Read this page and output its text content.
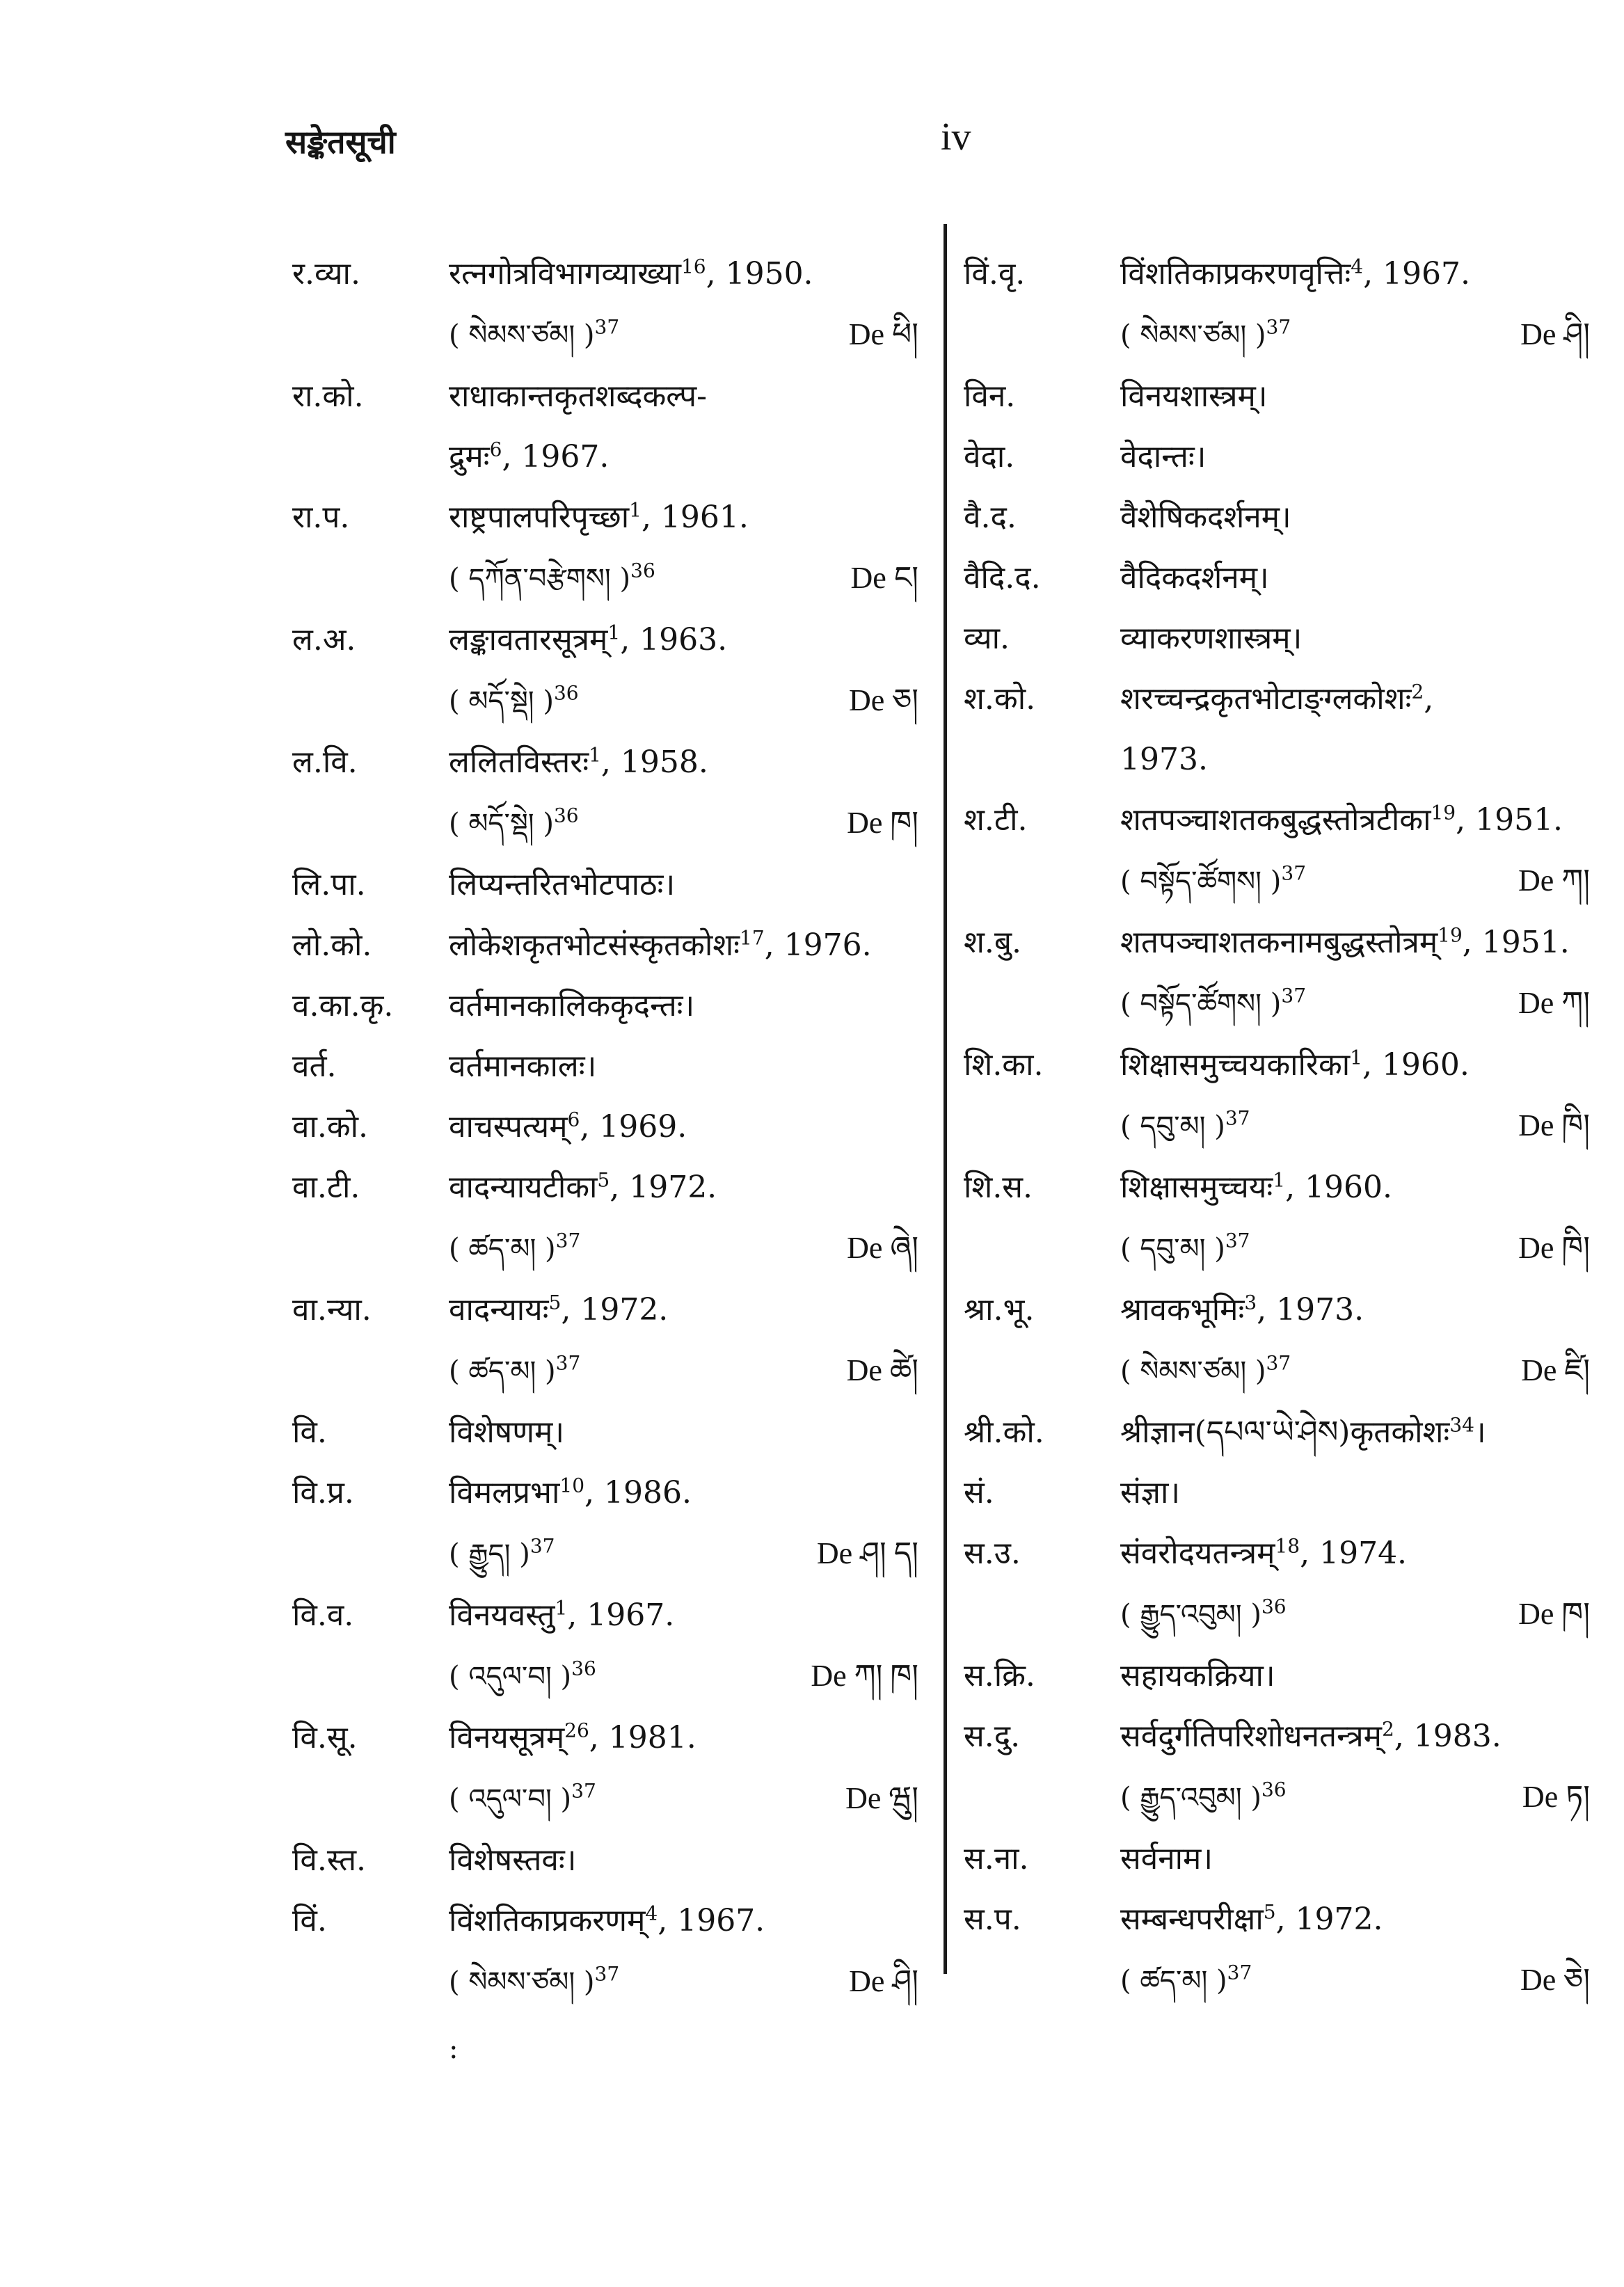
सङ्केतसूची	iv
र.व्या.	रत्नगोत्रविभागव्याख्या$^{16}$, 1950.
( སེམས་ཙམ། )$^{37}$	De ཕི།
रा.को.	राधाकान्तकृतशब्दकल्प-
द्रुमः$^6$, 1967.
रा.प.	राष्ट्रपालपरिपृच्छा$^1$, 1961.
( དཀོན་བརྩེགས། )$^{36}$	De ང།
ल.अ.	लङ्कावतारसूत्रम्$^1$, 1963.
( མདོ་སྡེ། )$^{36}$	De ཅ།
ल.वि.	ललितविस्तरः$^1$, 1958.
( མདོ་སྡེ། )$^{36}$	De ཁ།
लि.पा.	लिप्यन्तरितभोटपाठः।
लो.को.	लोकेशकृतभोटसंस्कृतकोशः$^{17}$, 1976.
व.का.कृ.	वर्तमानकालिककृदन्तः।
वर्त.	वर्तमानकालः।
वा.को.	वाचस्पत्यम्$^6$, 1969.
वा.टी.	वादन्यायटीका$^5$, 1972.
( ཚད་མ། )$^{37}$	De ཞེ།
वा.न्या.	वादन्यायः$^5$, 1972.
( ཚད་མ། )$^{37}$	De ཚེ།
वि.	विशेषणम्।
वि.प्र.	विमलप्रभा$^{10}$, 1986.
( རྒྱུད། )$^{37}$	De ཤ། ད།
वि.व.	विनयवस्तु$^1$, 1967.
( འདུལ་བ། )$^{36}$	De ཀ། ཁ།
वि.सू.	विनयसूत्रम्$^{26}$, 1981.
( འདུལ་བ། )$^{37}$	De ཝུ།
वि.स्त.	विशेषस्तवः।
विं.	विंशतिकाप्रकरणम्$^4$, 1967.
( སེམས་ཙམ། )$^{37}$	De ཤི།
विं.वृ.	विंशतिकाप्रकरणवृत्तिः$^4$, 1967.
( སེམས་ཙམ། )$^{37}$	De ཤི།
विन.	विनयशास्त्रम्।
वेदा.	वेदान्तः।
वै.द.	वैशेषिकदर्शनम्।
वैदि.द.	वैदिकदर्शनम्।
व्या.	व्याकरणशास्त्रम्।
श.को.	शरच्चन्द्रकृतभोटाङ्ग्लकोशः$^2$,
1973.
श.टी.	शतपञ्चाशतकबुद्धस्तोत्रटीका$^{19}$, 1951.
( བསྟོད་ཚོགས། )$^{37}$	De ཀ།
श.बु.	शतपञ्चाशतकनामबुद्धस्तोत्रम्$^{19}$, 1951.
( བསྟོད་ཚོགས། )$^{37}$	De ཀ།
शि.का.	शिक्षासमुच्चयकारिका$^1$, 1960.
( དབུ་མ། )$^{37}$	De ཁི།
शि.स.	शिक्षासमुच्चयः$^1$, 1960.
( དབུ་མ། )$^{37}$	De ཁི།
श्रा.भू.	श्रावकभूमिः$^3$, 1973.
( སེམས་ཙམ། )$^{37}$	De ཛི།
श्री.को.	श्रीज्ञान(དཔལ་ཡེ་ཤེས)कृतकोशः$^{34}$।
सं.	संज्ञा।
स.उ.	संवरोदयतन्त्रम्$^{18}$, 1974.
( རྒྱུད་འབུམ། )$^{36}$	De ཁ།
स.क्रि.	सहायकक्रिया।
स.दु.	सर्वदुर्गतिपरिशोधनतन्त्रम्$^2$, 1983.
( རྒྱུད་འབུམ། )$^{36}$	De ཏ།
स.ना.	सर्वनाम।
स.प.	सम्बन्धपरीक्षा$^5$, 1972.
( ཚད་མ། )$^{37}$	De ཅེ།
:
